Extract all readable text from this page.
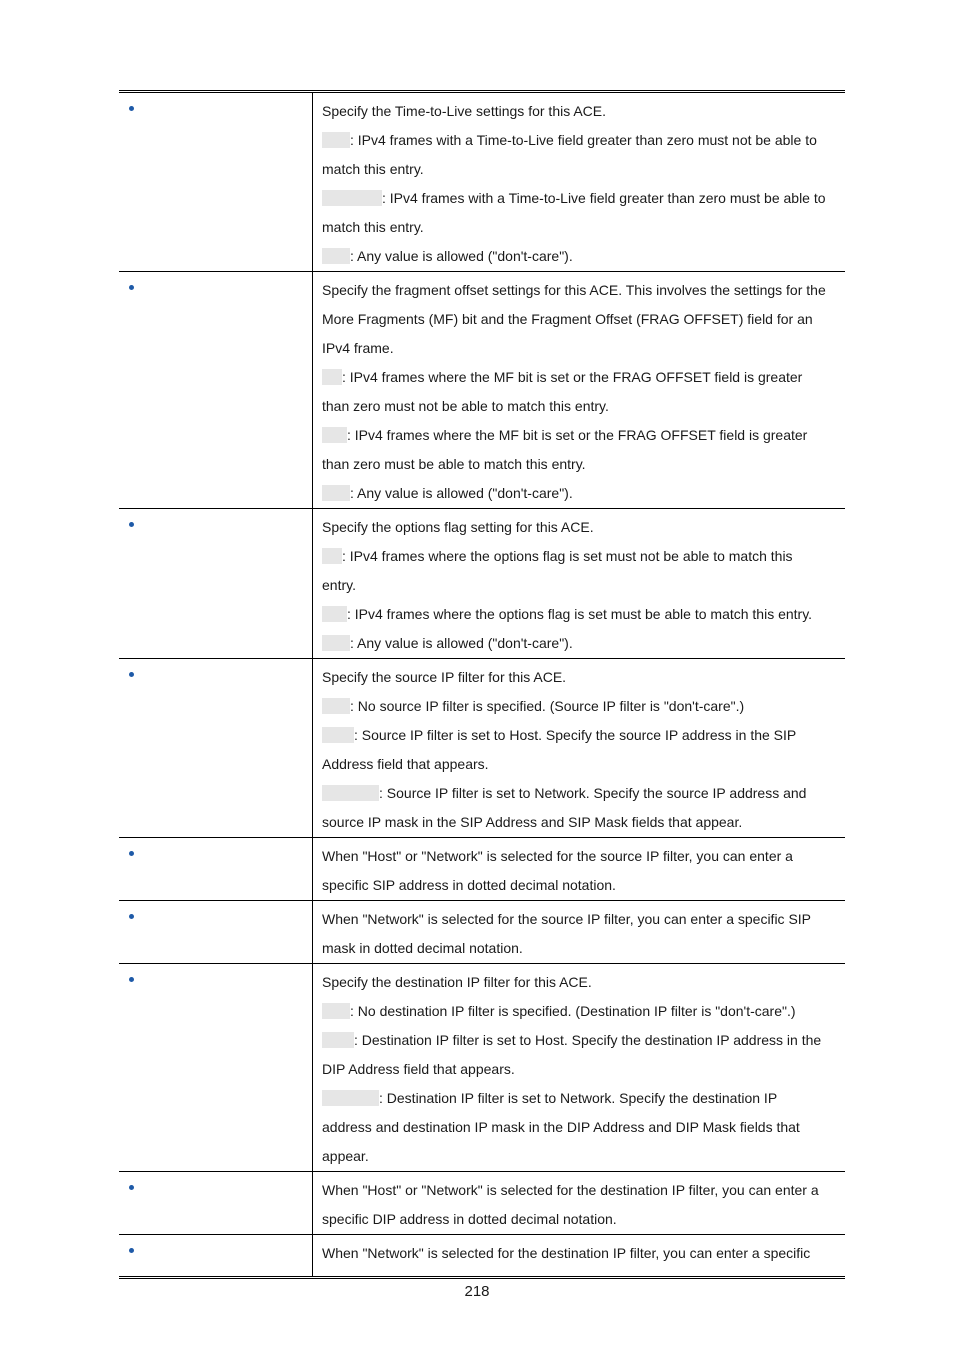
Specify the Time-to-Live settings for this ACE.
: IPv4 frames with a Time-to-Live field greater than zero must not be able to
match this entry.
: IPv4 frames with a Time-to-Live field greater than zero must be able to
match this entry.
: Any value is allowed ("don't-care").
Specify the fragment offset settings for this ACE. This involves the settings for the
More Fragments (MF) bit and the Fragment Offset (FRAG OFFSET) field for an
IPv4 frame.
: IPv4 frames where the MF bit is set or the FRAG OFFSET field is greater
than zero must not be able to match this entry.
: IPv4 frames where the MF bit is set or the FRAG OFFSET field is greater
than zero must be able to match this entry.
: Any value is allowed ("don't-care").
Specify the options flag setting for this ACE.
: IPv4 frames where the options flag is set must not be able to match this
entry.
: IPv4 frames where the options flag is set must be able to match this entry.
: Any value is allowed ("don't-care").
Specify the source IP filter for this ACE.
: No source IP filter is specified. (Source IP filter is "don't-care".)
: Source IP filter is set to Host. Specify the source IP address in the SIP
Address field that appears.
: Source IP filter is set to Network. Specify the source IP address and
source IP mask in the SIP Address and SIP Mask fields that appear.
When "Host" or "Network" is selected for the source IP filter, you can enter a
specific SIP address in dotted decimal notation.
When "Network" is selected for the source IP filter, you can enter a specific SIP
mask in dotted decimal notation.
Specify the destination IP filter for this ACE.
: No destination IP filter is specified. (Destination IP filter is "don't-care".)
: Destination IP filter is set to Host. Specify the destination IP address in the
DIP Address field that appears.
: Destination IP filter is set to Network. Specify the destination IP
address and destination IP mask in the DIP Address and DIP Mask fields that
appear.
When "Host" or "Network" is selected for the destination IP filter, you can enter a
specific DIP address in dotted decimal notation.
When "Network" is selected for the destination IP filter, you can enter a specific
218
